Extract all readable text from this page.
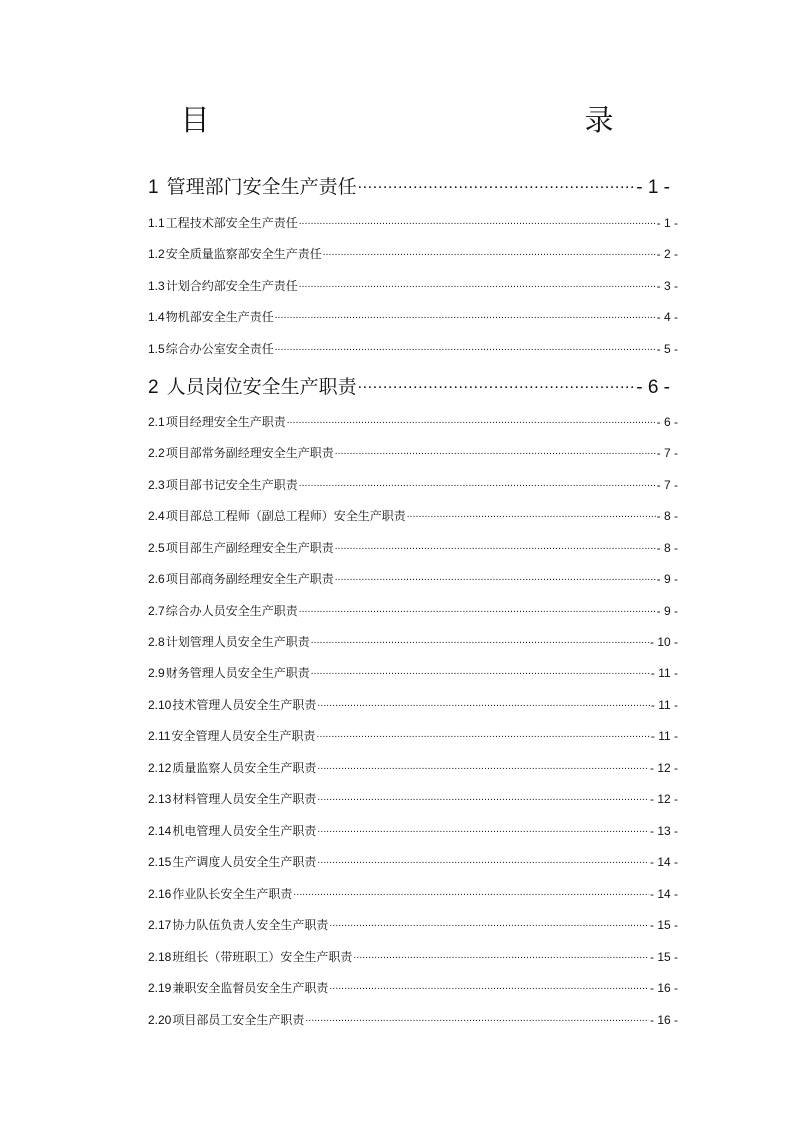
目　　　录
1 管理部门安全生产责任 .....	- 1 -
1.1 工程技术部安全生产责任 .....	- 1 -
1.2 安全质量监察部安全生产责任 .....	- 2 -
1.3 计划合约部安全生产责任 .....	- 3 -
1.4 物机部安全生产责任 .....	- 4 -
1.5 综合办公室安全责任 .....	- 5 -
2 人员岗位安全生产职责 .....	- 6 -
2.1 项目经理安全生产职责 .....	- 6 -
2.2 项目部常务副经理安全生产职责 .....	- 7 -
2.3 项目部书记安全生产职责 .....	- 7 -
2.4 项目部总工程师（副总工程师）安全生产职责 .....	- 8 -
2.5 项目部生产副经理安全生产职责 .....	- 8 -
2.6 项目部商务副经理安全生产职责 .....	- 9 -
2.7 综合办人员安全生产职责 .....	- 9 -
2.8 计划管理人员安全生产职责 .....	- 10 -
2.9 财务管理人员安全生产职责 .....	- 11 -
2.10 技术管理人员安全生产职责 .....	- 11 -
2.11 安全管理人员安全生产职责 .....	- 11 -
2.12 质量监察人员安全生产职责 .....	- 12 -
2.13 材料管理人员安全生产职责 .....	- 12 -
2.14 机电管理人员安全生产职责 .....	- 13 -
2.15 生产调度人员安全生产职责 .....	- 14 -
2.16 作业队长安全生产职责 .....	- 14 -
2.17 协力队伍负责人安全生产职责 .....	- 15 -
2.18 班组长（带班职工）安全生产职责 .....	- 15 -
2.19 兼职安全监督员安全生产职责 .....	- 16 -
2.20 项目部员工安全生产职责 .....	- 16 -
